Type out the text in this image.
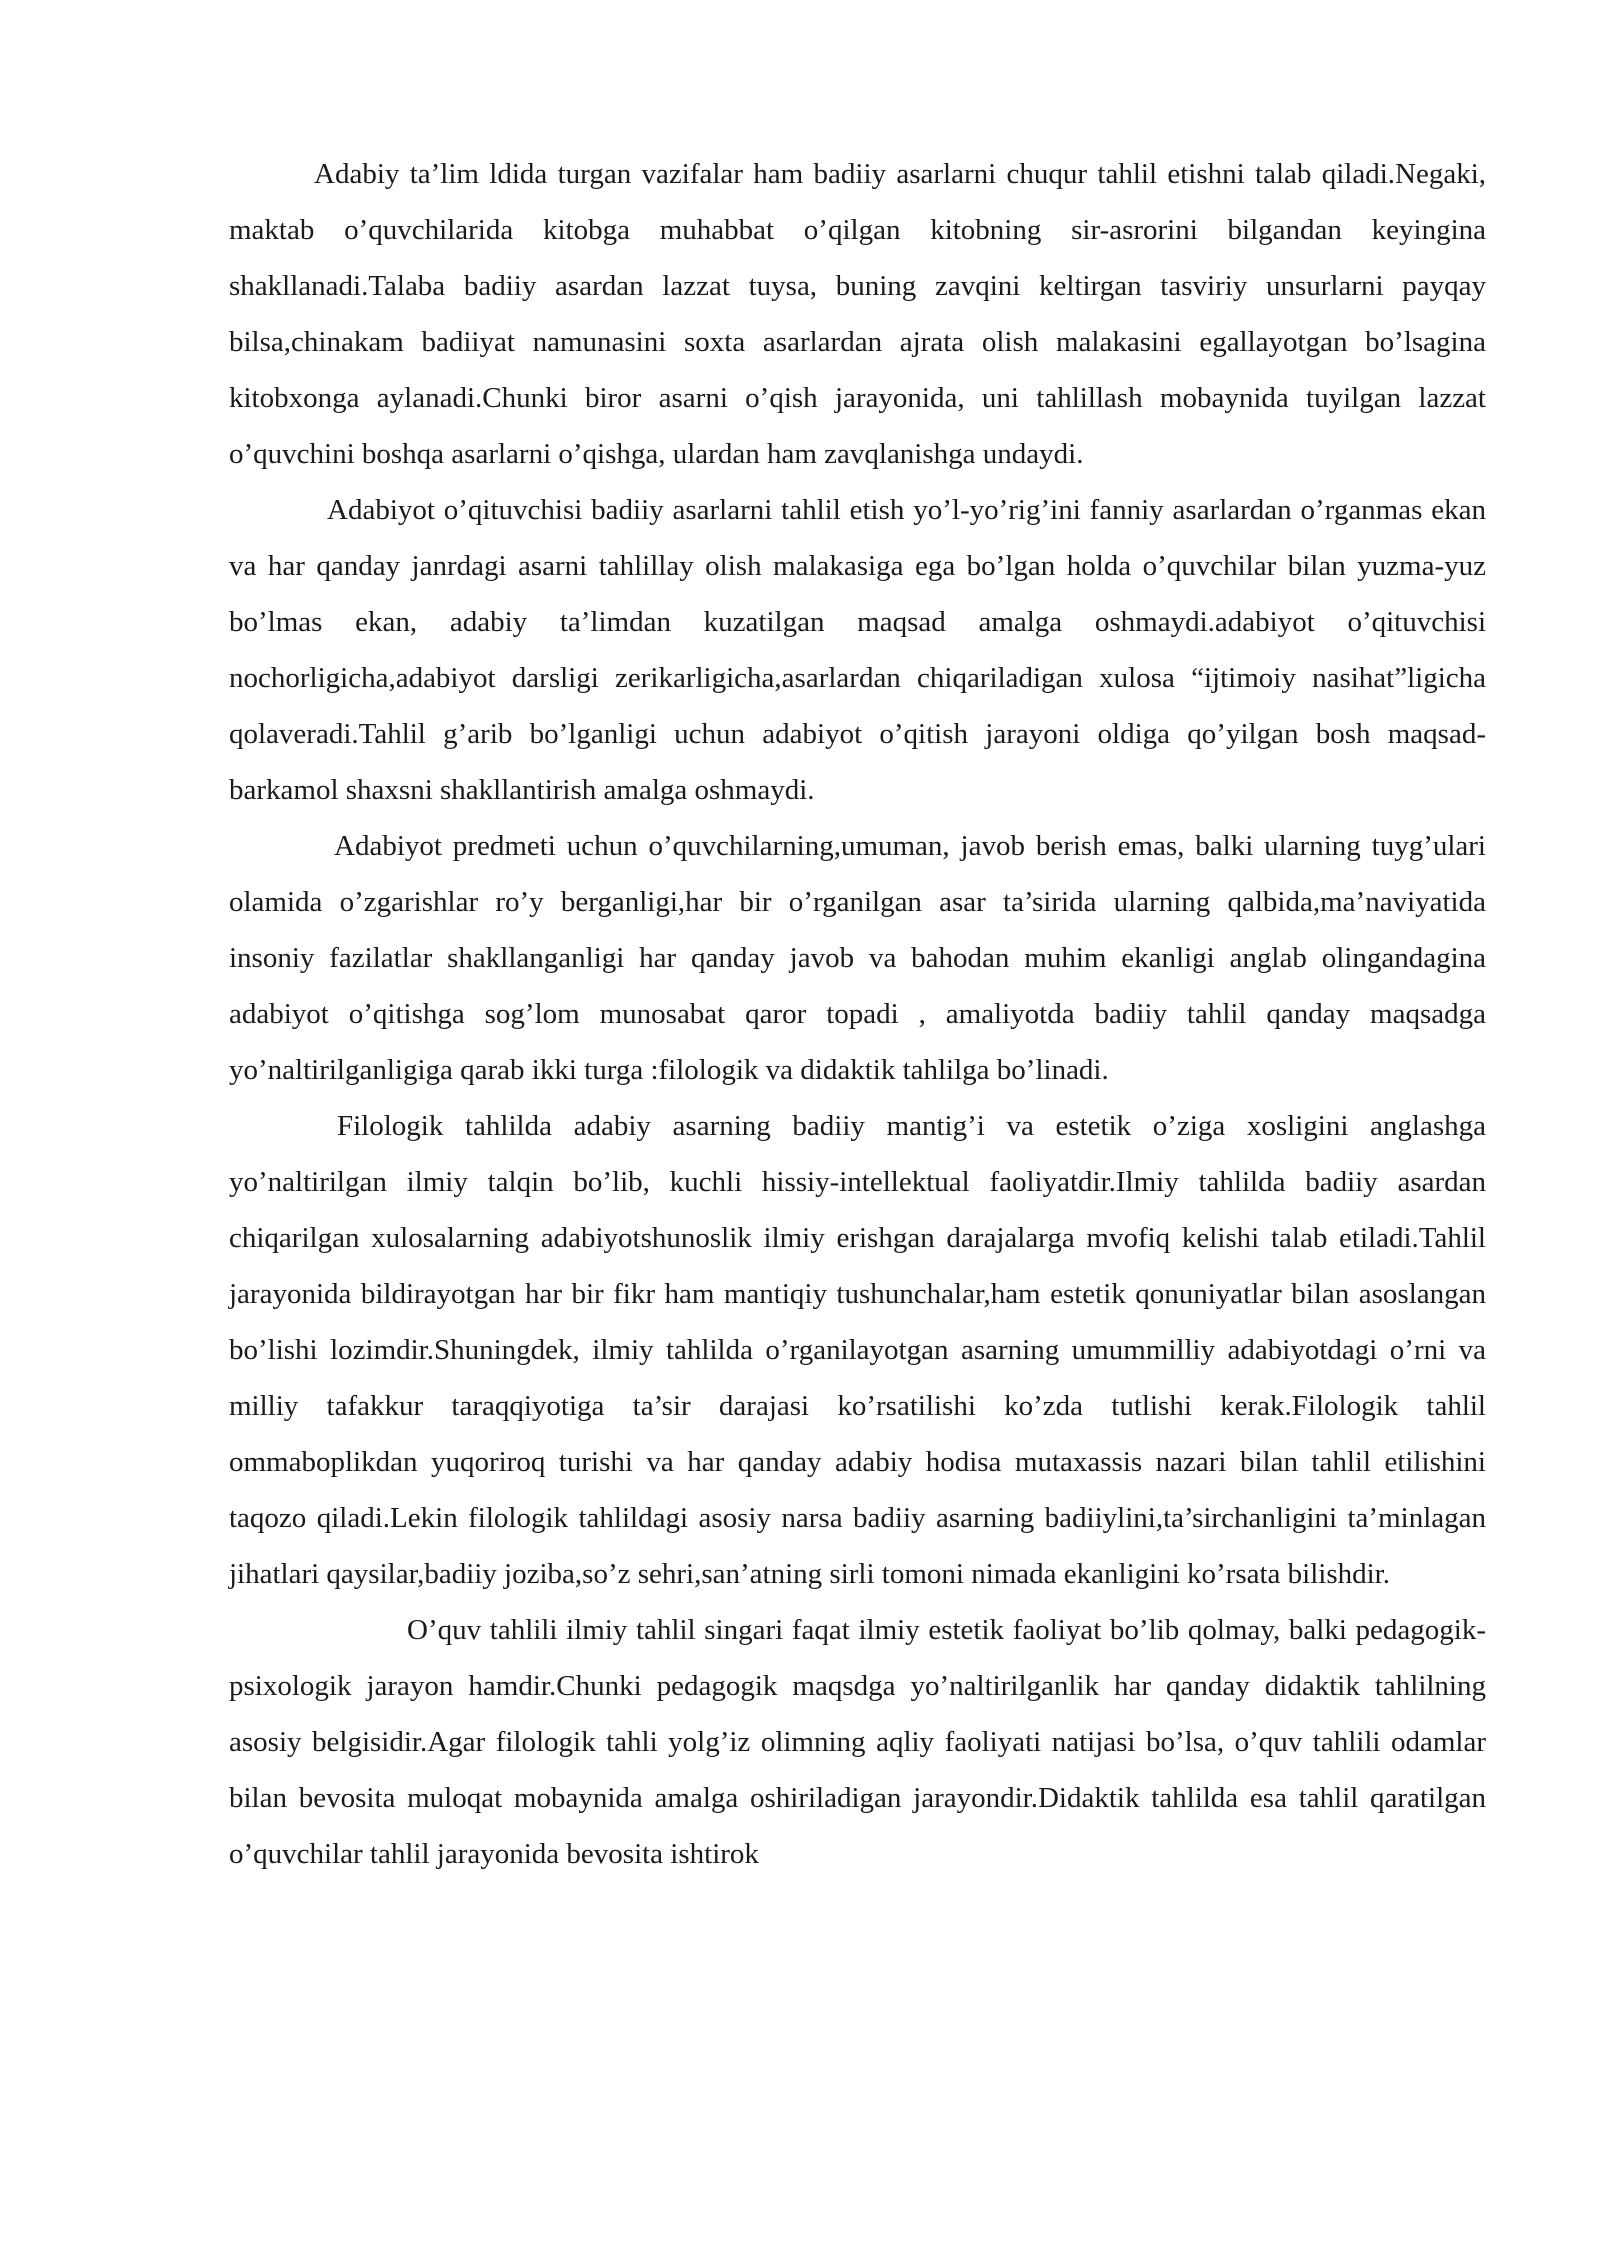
Adabiy ta’lim ldida turgan vazifalar ham badiiy asarlarni chuqur tahlil etishni talab qiladi.Negaki, maktab o’quvchilarida kitobga muhabbat o’qilgan kitobning sir-asrorini bilgandan keyingina shakllanadi.Talaba badiiy asardan lazzat tuysa, buning zavqini keltirgan tasviriy unsurlarni payqay bilsa,chinakam badiiyat namunasini soxta asarlardan ajrata olish malakasini egallayotgan bo’lsagina kitobxonga aylanadi.Chunki biror asarni o’qish jarayonida, uni tahlillash mobaynida tuyilgan lazzat o’quvchini boshqa asarlarni o’qishga, ulardan ham zavqlanishga undaydi.

Adabiyot o’qituvchisi badiiy asarlarni tahlil etish yo’l-yo’rig’ini fanniy asarlardan o’rganmas ekan va har qanday janrdagi asarni tahlillay olish malakasiga ega bo’lgan holda o’quvchilar bilan yuzma-yuz bo’lmas ekan, adabiy ta’limdan kuzatilgan maqsad amalga oshmaydi.adabiyot o’qituvchisi nochorligicha,adabiyot darsligi zerikarligicha,asarlardan chiqariladigan xulosa “ijtimoiy nasihat”ligicha qolaveradi.Tahlil g’arib bo’lganligi uchun adabiyot o’qitish jarayoni oldiga qo’yilgan bosh maqsad-barkamol shaxsni shakllantirish amalga oshmaydi.

Adabiyot predmeti uchun o’quvchilarning,umuman, javob berish emas, balki ularning tuyg’ulari olamida o’zgarishlar ro’y berganligi,har bir o’rganilgan asar ta’sirida ularning qalbida,ma’naviyatida insoniy fazilatlar shakllanganligi har qanday javob va bahodan muhim ekanligi anglab olingandagina adabiyot o’qitishga sog’lom munosabat qaror topadi , amaliyotda badiiy tahlil qanday maqsadga yo’naltirilganligiga qarab ikki turga :filologik va didaktik tahlilga bo’linadi.

Filologik tahlilda adabiy asarning badiiy mantig’i va estetik o’ziga xosligini anglashga yo’naltirilgan ilmiy talqin bo’lib, kuchli hissiy-intellektual faoliyatdir.Ilmiy tahlilda badiiy asardan chiqarilgan xulosalarning adabiyotshunoslik ilmiy erishgan darajalarga mvofiq kelishi talab etiladi.Tahlil jarayonida bildirayotgan har bir fikr ham mantiqiy tushunchalar,ham estetik qonuniyatlar bilan asoslangan bo’lishi lozimdir.Shuningdek, ilmiy tahlilda o’rganilayotgan asarning umummilliy adabiyotdagi o’rni va milliy tafakkur taraqqiyotiga ta’sir darajasi ko’rsatilishi ko’zda tutlishi kerak.Filologik tahlil ommaboplikdan yuqoriroq turishi va har qanday adabiy hodisa mutaxassis nazari bilan tahlil etilishini taqozo qiladi.Lekin filologik tahlildagi asosiy narsa badiiy asarning badiiylini,ta’sirchanligini ta’minlagan jihatlari qaysilar,badiiy joziba,so’z sehri,san’atning sirli tomoni nimada ekanligini ko’rsata bilishdir.

O’quv tahlili ilmiy tahlil singari faqat ilmiy estetik faoliyat bo’lib qolmay, balki pedagogik-psixologik jarayon hamdir.Chunki pedagogik maqsdga yo’naltirilganlik har qanday didaktik tahlilning asosiy belgisidir.Agar filologik tahli yolg’iz olimning aqliy faoliyati natijasi bo’lsa, o’quv tahlili odamlar bilan bevosita muloqat mobaynida amalga oshiriladigan jarayondir.Didaktik tahlilda esa tahlil qaratilgan o’quvchilar tahlil jarayonida bevosita ishtirok
